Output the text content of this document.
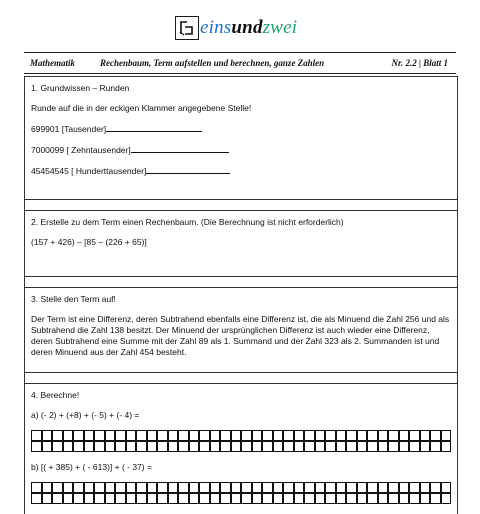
einsundzwei
Mathematik	Rechenbaum, Term aufstellen und berechnen, ganze Zahlen	Nr. 2.2 | Blatt 1

1. Grundwissen – Runden

Runde auf die in der eckigen Klammer angegebene Stelle!

699901 [Tausender]

7000099 [ Zehntausender]

45454545 [ Hunderttausender]

2. Erstelle zu dem Term einen Rechenbaum. (Die Berechnung ist nicht erforderlich)

(157 + 426) – [85 – (226 + 65)]

3. Stelle den Term auf!

Der Term ist eine Differenz, deren Subtrahend ebenfalls eine Differenz ist, die als Minuend die Zahl 256 und als Subtrahend die Zahl 138 besitzt. Der Minuend der ursprünglichen Differenz ist auch wieder eine Differenz, deren Subtrahend eine Summe mit der Zahl 89 als 1. Summand und der Zahl 323 als 2. Summanden ist und deren Minuend aus der Zahl 454 besteht.

4. Berechne!

a) (- 2) + (+8) + (- 5) + (- 4) =

b) [( + 385) + ( - 613)] + ( - 37) =
